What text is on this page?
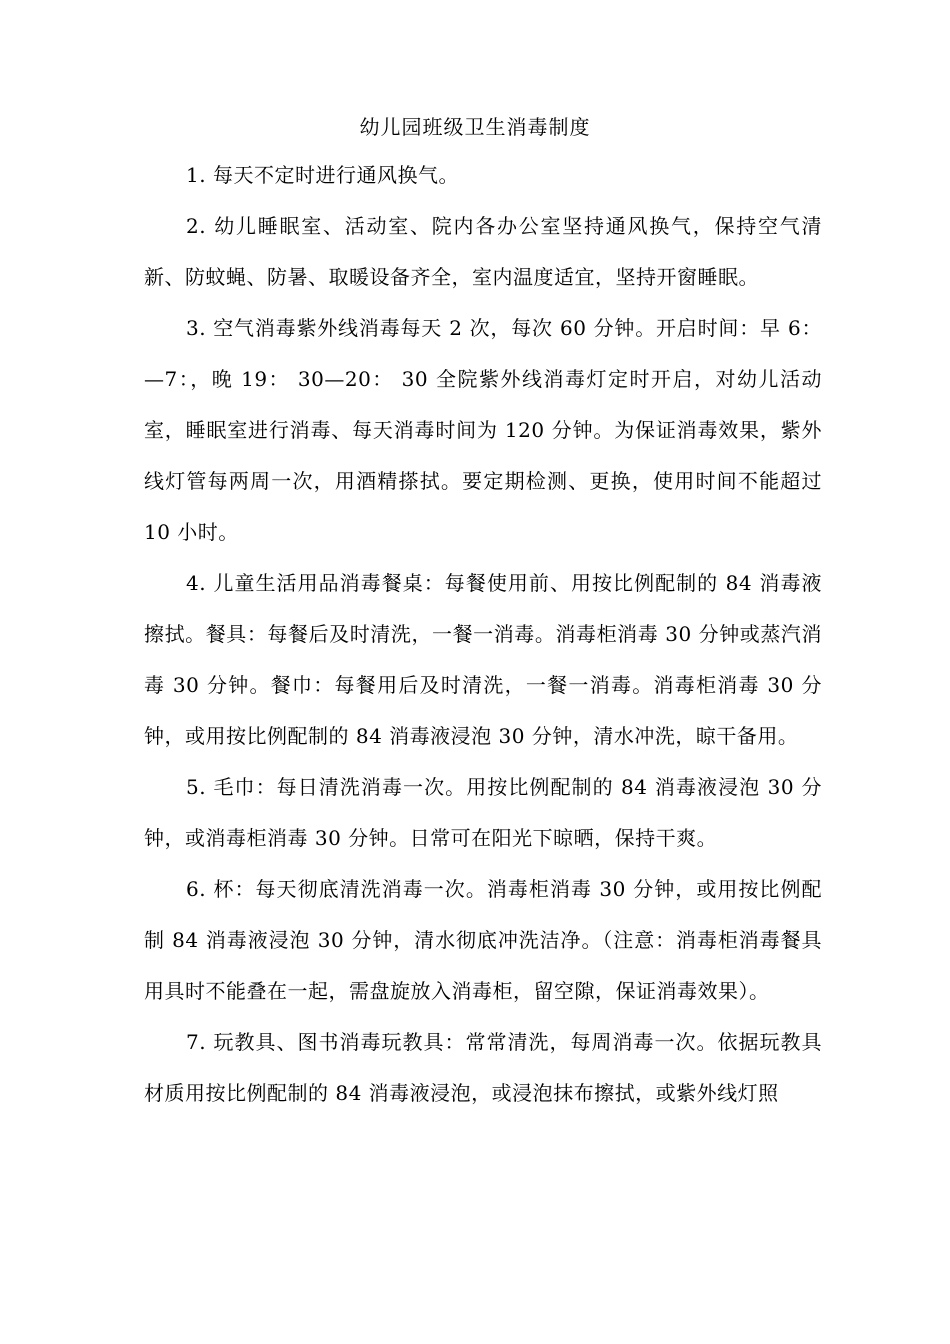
幼儿园班级卫生消毒制度

1. 每天不定时进行通风换气。

2. 幼儿睡眠室、活动室、院内各办公室坚持通风换气，保持空气清新、防蚊蝇、防暑、取暖设备齐全，室内温度适宜，坚持开窗睡眠。

3. 空气消毒紫外线消毒每天 2 次，每次 60 分钟。开启时间：早 6：—7：，晚 19： 30—20： 30 全院紫外线消毒灯定时开启，对幼儿活动室，睡眠室进行消毒、每天消毒时间为 120 分钟。为保证消毒效果，紫外线灯管每两周一次，用酒精搽拭。要定期检测、更换，使用时间不能超过 10 小时。

4. 儿童生活用品消毒餐桌：每餐使用前、用按比例配制的 84 消毒液擦拭。餐具：每餐后及时清洗，一餐一消毒。消毒柜消毒 30 分钟或蒸汽消毒 30 分钟。餐巾：每餐用后及时清洗，一餐一消毒。消毒柜消毒 30 分钟，或用按比例配制的 84 消毒液浸泡 30 分钟，清水冲洗，晾干备用。

5. 毛巾：每日清洗消毒一次。用按比例配制的 84 消毒液浸泡 30 分钟，或消毒柜消毒 30 分钟。日常可在阳光下晾晒，保持干爽。

6. 杯：每天彻底清洗消毒一次。消毒柜消毒 30 分钟，或用按比例配制 84 消毒液浸泡 30 分钟，清水彻底冲洗洁净。（注意：消毒柜消毒餐具用具时不能叠在一起，需盘旋放入消毒柜，留空隙，保证消毒效果）。

7. 玩教具、图书消毒玩教具：常常清洗，每周消毒一次。依据玩教具材质用按比例配制的 84 消毒液浸泡，或浸泡抹布擦拭，或紫外线灯照
